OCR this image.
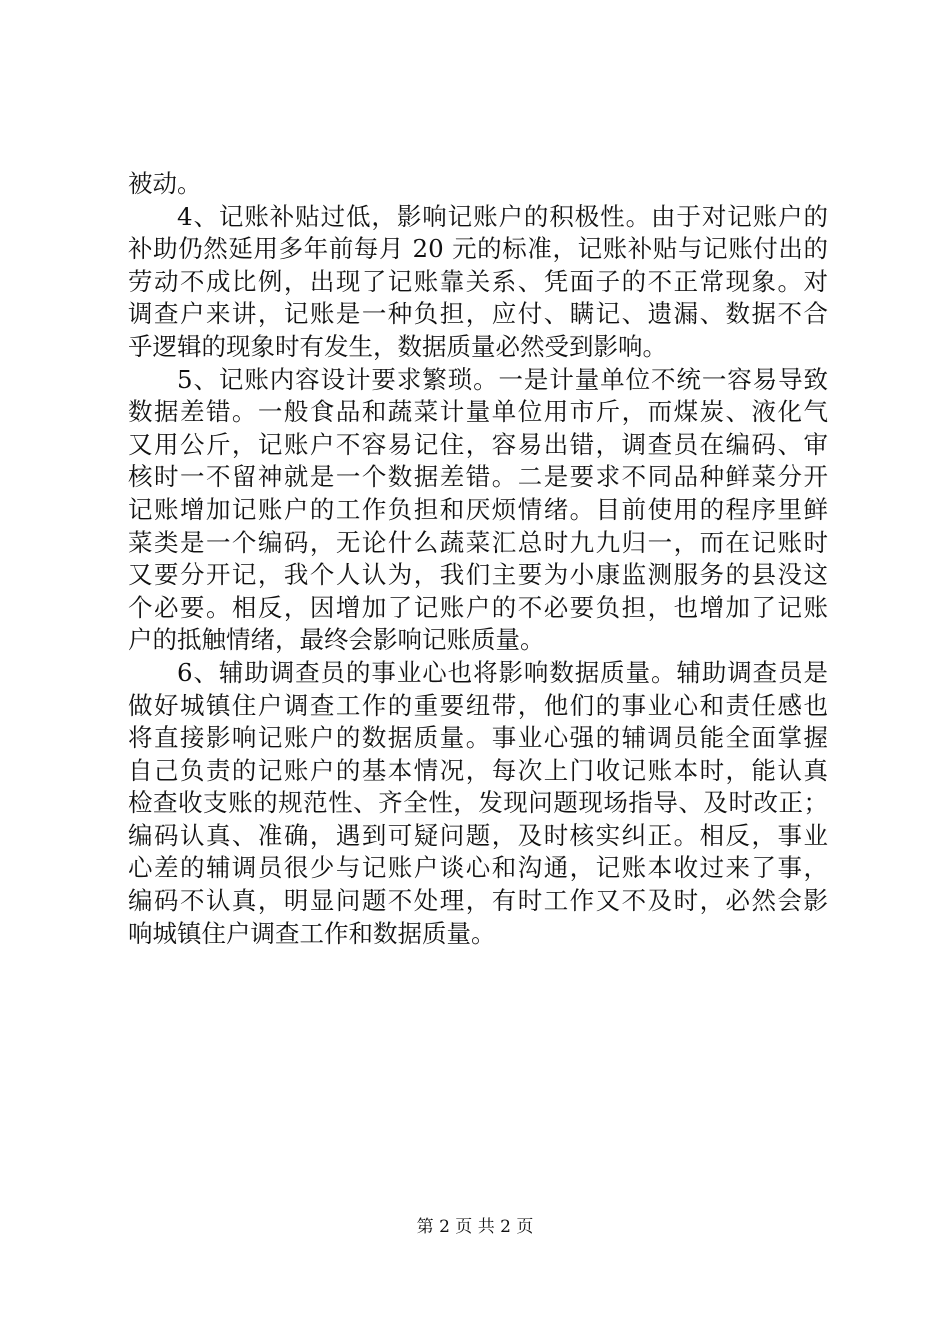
被动。
4、记账补贴过低，影响记账户的积极性。由于对记账户的
补助仍然延用多年前每月 20 元的标准，记账补贴与记账付出的
劳动不成比例，出现了记账靠关系、凭面子的不正常现象。对
调查户来讲，记账是一种负担，应付、瞒记、遗漏、数据不合
乎逻辑的现象时有发生，数据质量必然受到影响。
5、记账内容设计要求繁琐。一是计量单位不统一容易导致
数据差错。一般食品和蔬菜计量单位用市斤，而煤炭、液化气
又用公斤，记账户不容易记住，容易出错，调查员在编码、审
核时一不留神就是一个数据差错。二是要求不同品种鲜菜分开
记账增加记账户的工作负担和厌烦情绪。目前使用的程序里鲜
菜类是一个编码，无论什么蔬菜汇总时九九归一，而在记账时
又要分开记，我个人认为，我们主要为小康监测服务的县没这
个必要。相反，因增加了记账户的不必要负担，也增加了记账
户的抵触情绪，最终会影响记账质量。
6、辅助调查员的事业心也将影响数据质量。辅助调查员是
做好城镇住户调查工作的重要纽带，他们的事业心和责任感也
将直接影响记账户的数据质量。事业心强的辅调员能全面掌握
自己负责的记账户的基本情况，每次上门收记账本时，能认真
检查收支账的规范性、齐全性，发现问题现场指导、及时改正；
编码认真、准确，遇到可疑问题，及时核实纠正。相反，事业
心差的辅调员很少与记账户谈心和沟通，记账本收过来了事，
编码不认真，明显问题不处理，有时工作又不及时，必然会影
响城镇住户调查工作和数据质量。
第 2 页 共 2 页
